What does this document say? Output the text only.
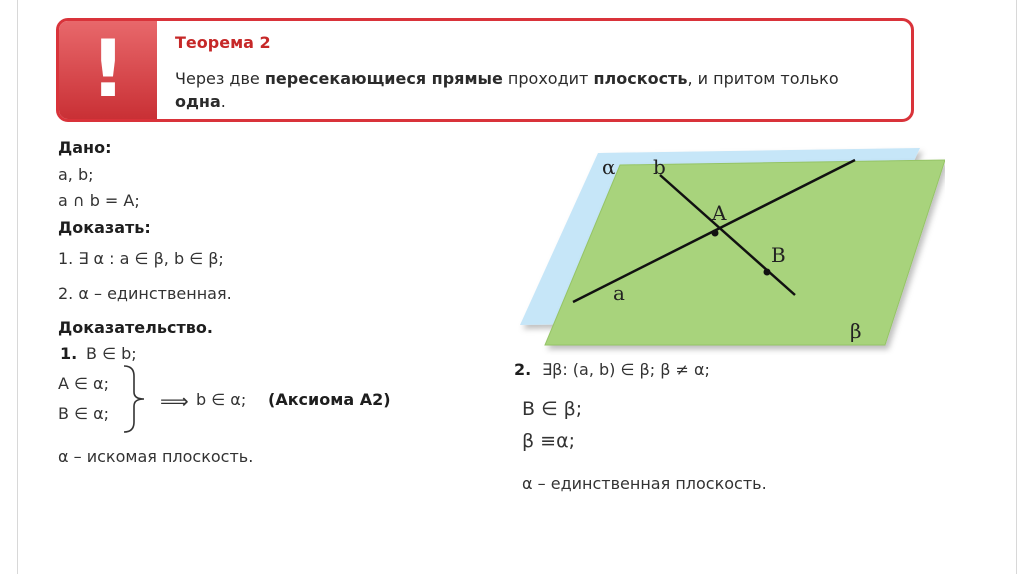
!	Теорема 2
Через две пересекающиеся прямые проходит плоскость, и притом только одна.
Дано:
a, b;
a ∩ b = A;
Доказать:
1. ∃ α : a ∈ β, b ∈ β;
2. α – единственная.
Доказательство.
1. B ∈ b;
A ∈ α;
B ∈ α;
⟹ b ∈ α; (Аксиома А2)
α – искомая плоскость.
2. ∃β: (a, b) ∈ β; β ≠ α;
B ∈ β;
β ≡α;
α – единственная плоскость.
α b
A
B
a
β
